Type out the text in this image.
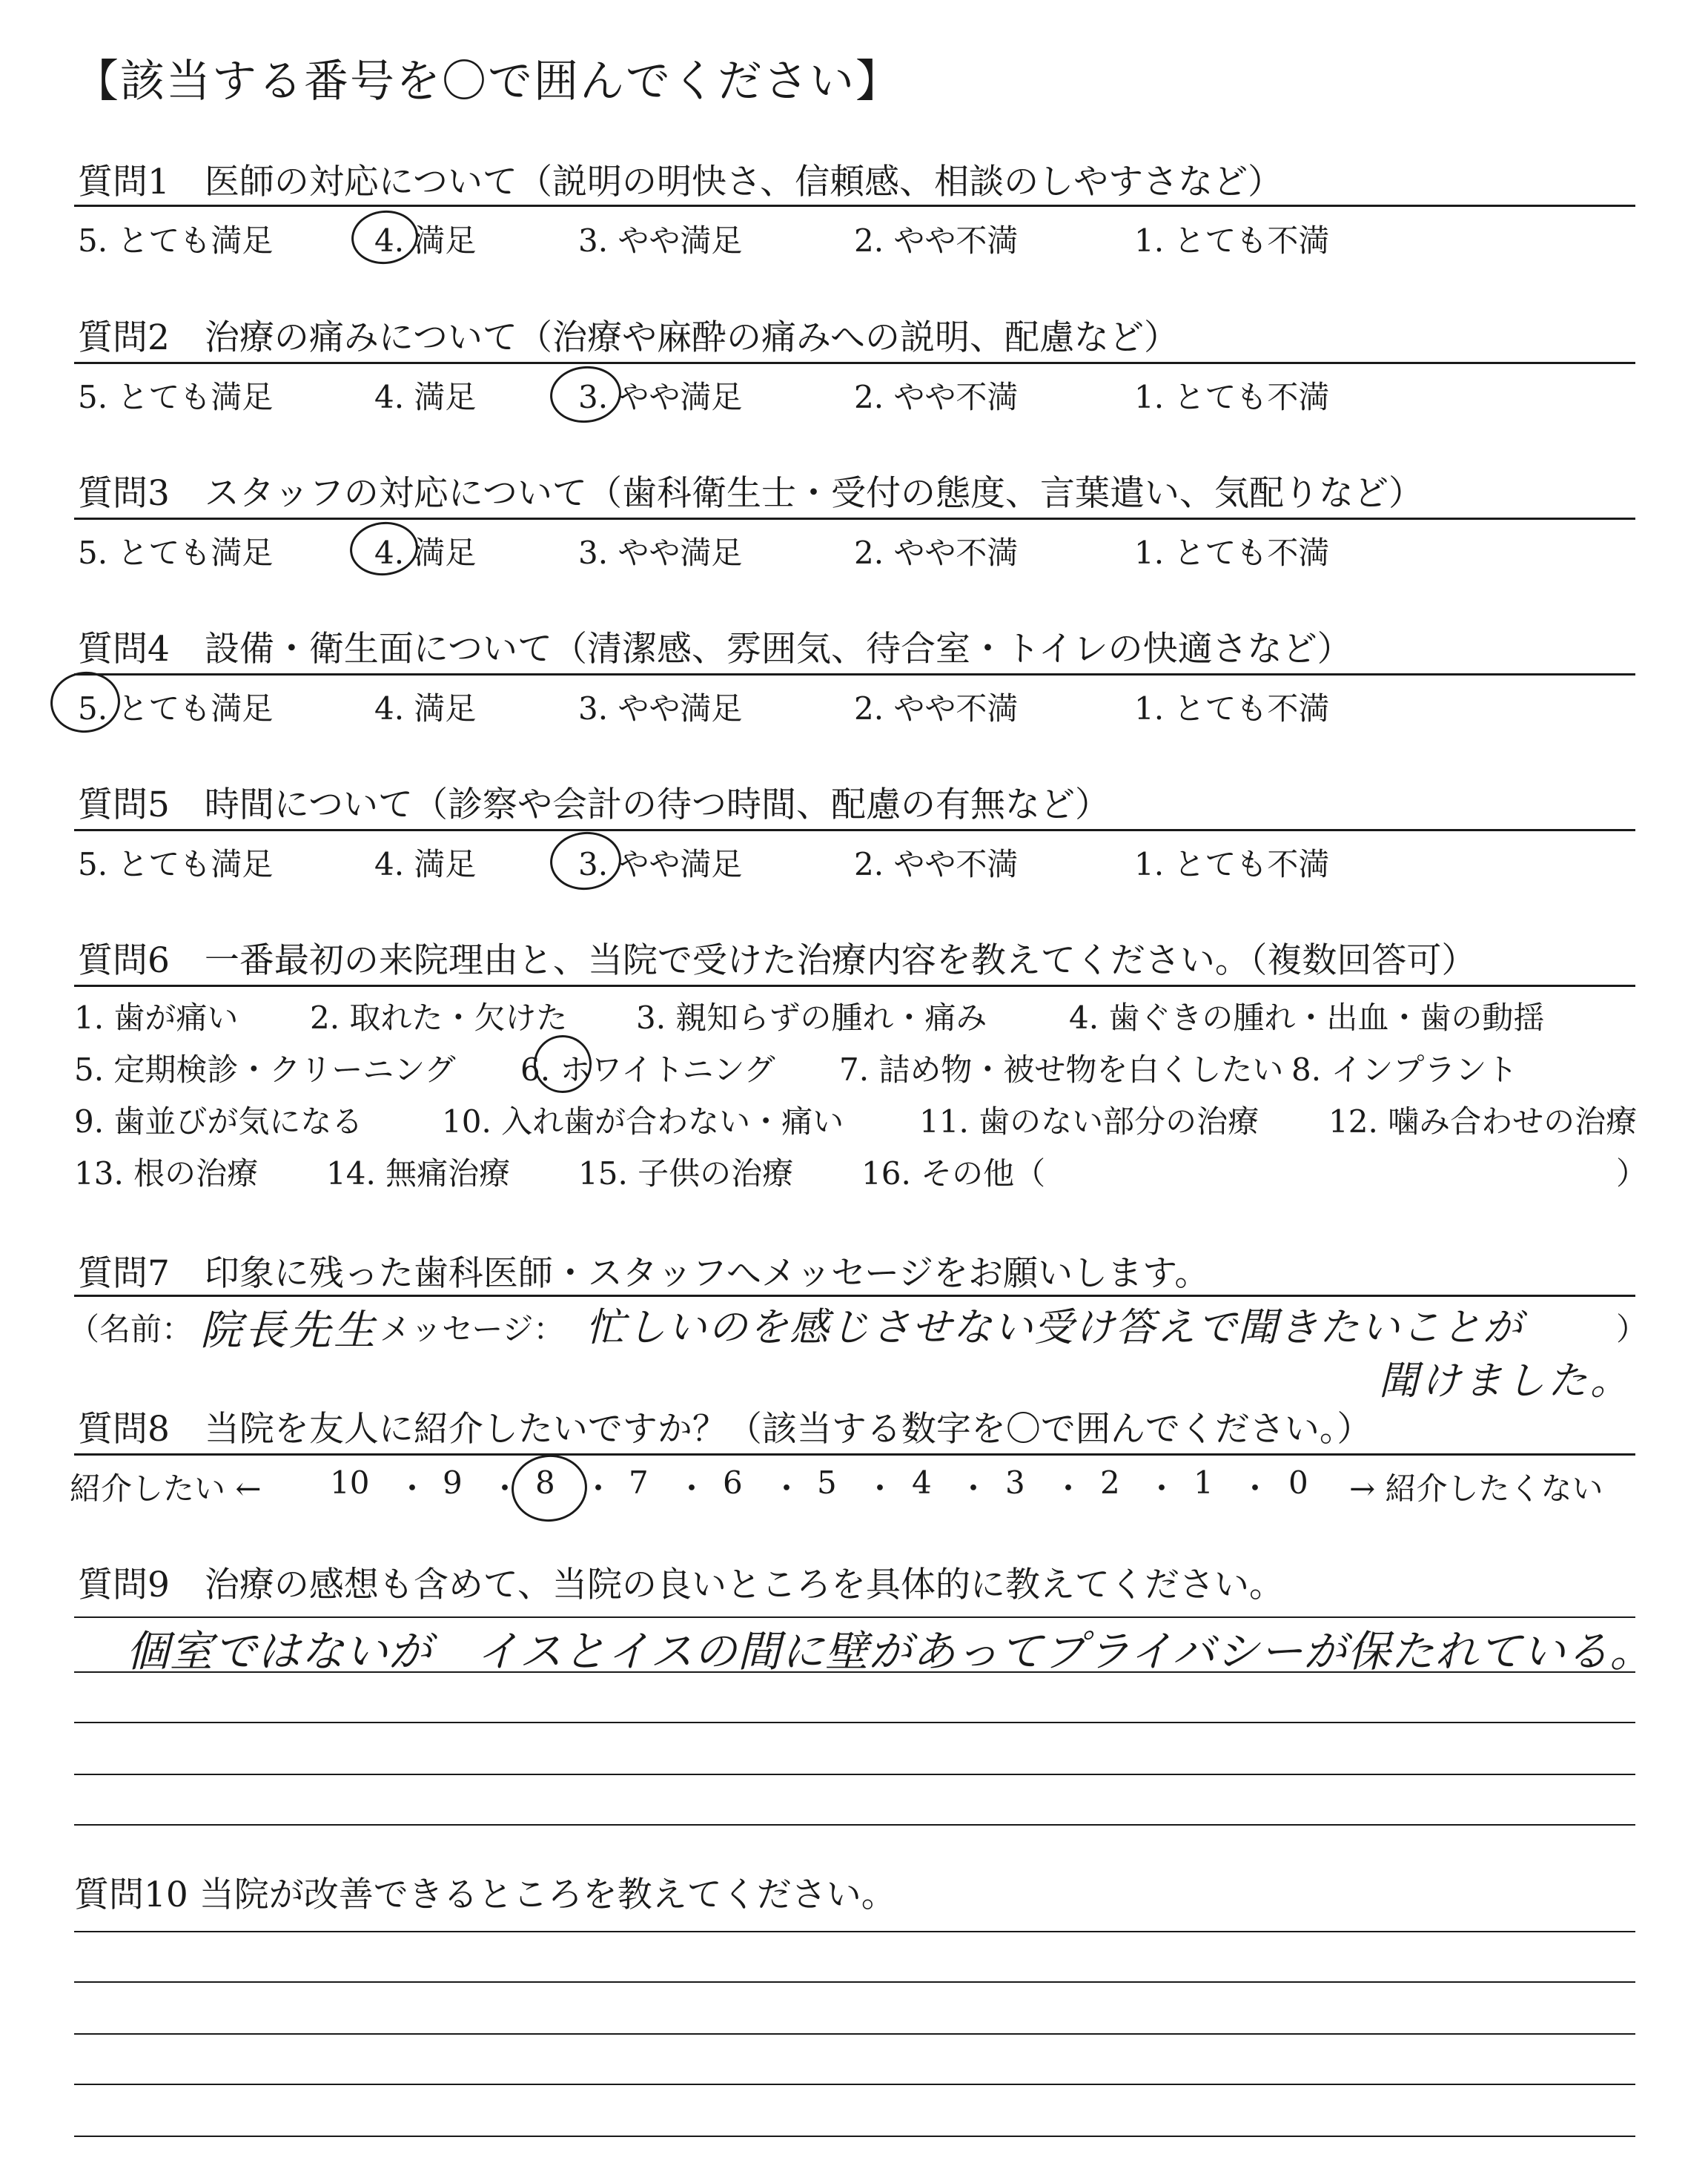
【該当する番号を〇で囲んでください】
質問1　医師の対応について（説明の明快さ、信頼感、相談のしやすさなど）
5. とても満足	4. 満足	3. やや満足	2. やや不満	1. とても不満
質問2　治療の痛みについて（治療や麻酔の痛みへの説明、配慮など）
5. とても満足	4. 満足	3. やや満足	2. やや不満	1. とても不満
質問3　スタッフの対応について（歯科衛生士・受付の態度、言葉遣い、気配りなど）
5. とても満足	4. 満足	3. やや満足	2. やや不満	1. とても不満
質問4　設備・衛生面について（清潔感、雰囲気、待合室・トイレの快適さなど）
5. とても満足	4. 満足	3. やや満足	2. やや不満	1. とても不満
質問5　時間について（診察や会計の待つ時間、配慮の有無など）
5. とても満足	4. 満足	3. やや満足	2. やや不満	1. とても不満
質問6　一番最初の来院理由と、当院で受けた治療内容を教えてください。（複数回答可）
1. 歯が痛い 2. 取れた・欠けた 3. 親知らずの腫れ・痛み	4. 歯ぐきの腫れ・出血・歯の動揺
5. 定期検診・クリーニング 6. ホワイトニング 7. 詰め物・被せ物を白くしたい 8. インプラント
9. 歯並びが気になる	10. 入れ歯が合わない・痛い 11. 歯のない部分の治療 12. 噛み合わせの治療
13. 根の治療 14. 無痛治療 15. 子供の治療 16. その他（	）
質問7　印象に残った歯科医師・スタッフへメッセージをお願いします。
（名前： 院長先生 メッセージ： 忙しいのを感じさせない受け答えで聞きたいことが
聞けました。
）
質問8　当院を友人に紹介したいですか？（該当する数字を〇で囲んでください。）
紹介したい ← 10 ・ 9 ・ 8 ・ 7 ・ 6 ・ 5 ・ 4 ・ 3 ・ 2 ・ 1 ・ 0 → 紹介したくない
質問9　治療の感想も含めて、当院の良いところを具体的に教えてください。
個室ではないが　イスとイスの間に壁があってプライバシーが保たれている。
質問10 当院が改善できるところを教えてください。
